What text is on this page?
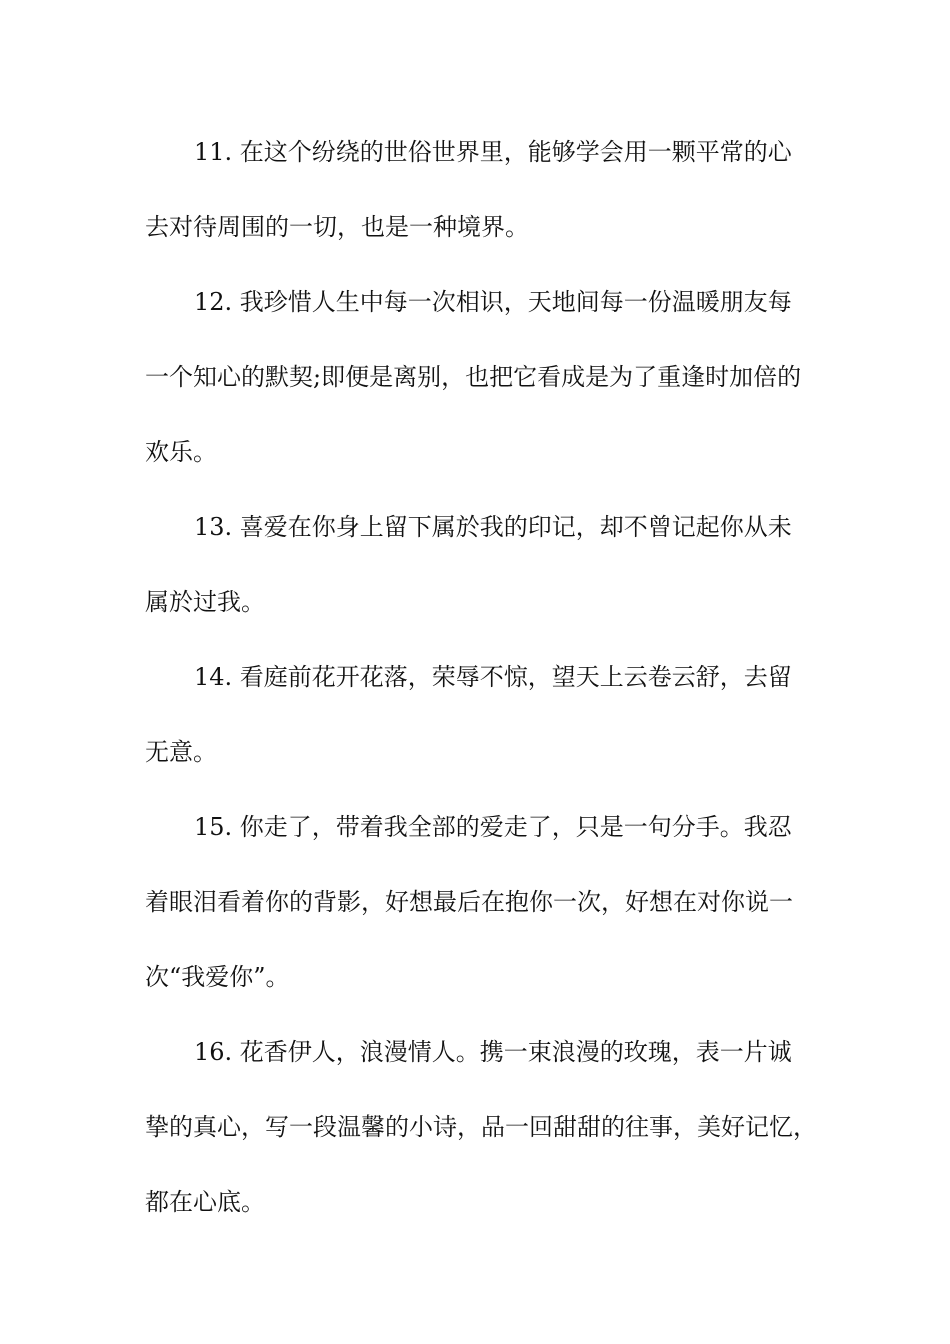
11. 在这个纷绕的世俗世界里，能够学会用一颗平常的心
去对待周围的一切，也是一种境界。
12. 我珍惜人生中每一次相识，天地间每一份温暖朋友每
一个知心的默契;即便是离别，也把它看成是为了重逢时加倍的
欢乐。
13. 喜爱在你身上留下属於我的印记，却不曾记起你从未
属於过我。
14. 看庭前花开花落，荣辱不惊，望天上云卷云舒，去留
无意。
15. 你走了，带着我全部的爱走了，只是一句分手。我忍
着眼泪看着你的背影，好想最后在抱你一次，好想在对你说一
次“我爱你”。
16. 花香伊人，浪漫情人。携一束浪漫的玫瑰，表一片诚
挚的真心，写一段温馨的小诗，品一回甜甜的往事，美好记忆，
都在心底。
